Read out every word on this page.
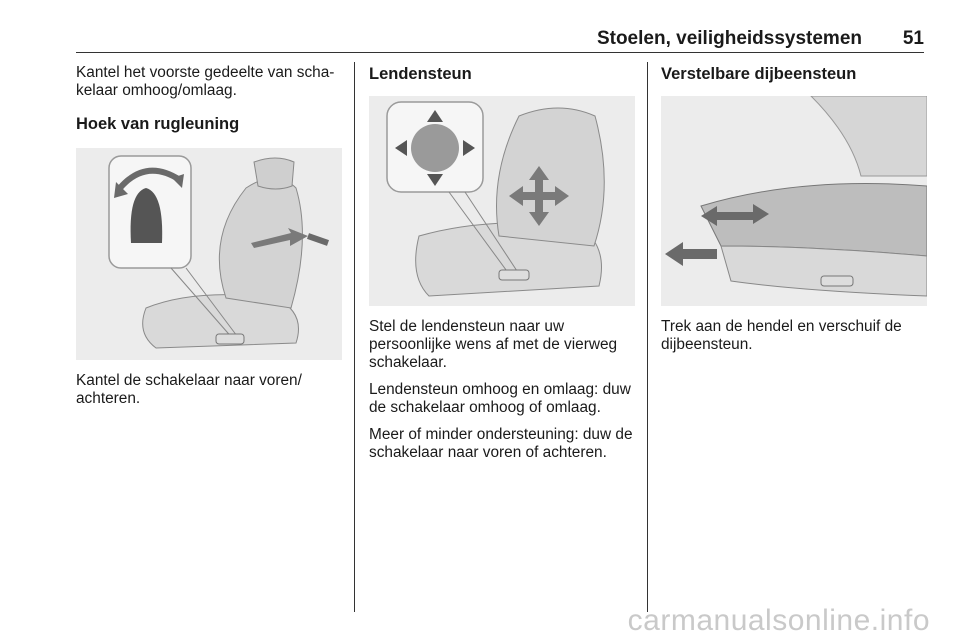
Stoelen, veiligheidssystemen 51

Kantel het voorste gedeelte van scha-kelaar omhoog/omlaag.

Hoek van rugleuning

Kantel de schakelaar naar voren/ achteren.

Lendensteun

Stel de lendensteun naar uw persoonlijke wens af met de vierweg schakelaar.

Lendensteun omhoog en omlaag: duw de schakelaar omhoog of omlaag.

Meer of minder ondersteuning: duw de schakelaar naar voren of achteren.

Verstelbare dijbeensteun

Trek aan de hendel en verschuif de dijbeensteun.

carmanualsonline.info
